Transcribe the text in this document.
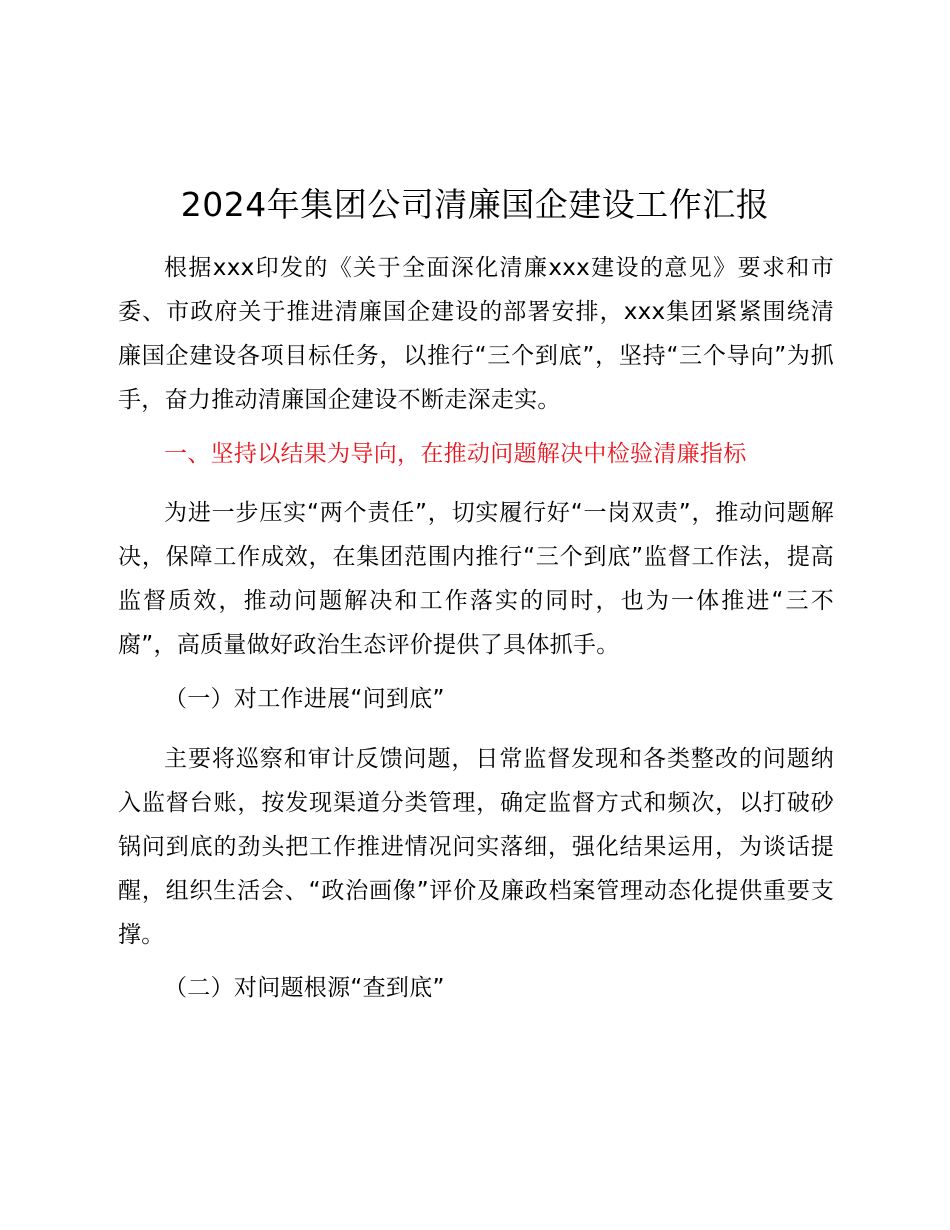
2024年集团公司清廉国企建设工作汇报

根据xxx印发的《关于全面深化清廉xxx建设的意见》要求和市委、市政府关于推进清廉国企建设的部署安排，xxx集团紧紧围绕清廉国企建设各项目标任务，以推行“三个到底”，坚持“三个导向”为抓手，奋力推动清廉国企建设不断走深走实。

一、坚持以结果为导向，在推动问题解决中检验清廉指标

为进一步压实“两个责任”，切实履行好“一岗双责”，推动问题解决，保障工作成效，在集团范围内推行“三个到底”监督工作法，提高监督质效，推动问题解决和工作落实的同时，也为一体推进“三不腐”，高质量做好政治生态评价提供了具体抓手。

（一）对工作进展“问到底”

主要将巡察和审计反馈问题，日常监督发现和各类整改的问题纳入监督台账，按发现渠道分类管理，确定监督方式和频次，以打破砂锅问到底的劲头把工作推进情况问实落细，强化结果运用，为谈话提醒，组织生活会、“政治画像”评价及廉政档案管理动态化提供重要支撑。

（二）对问题根源“查到底”
